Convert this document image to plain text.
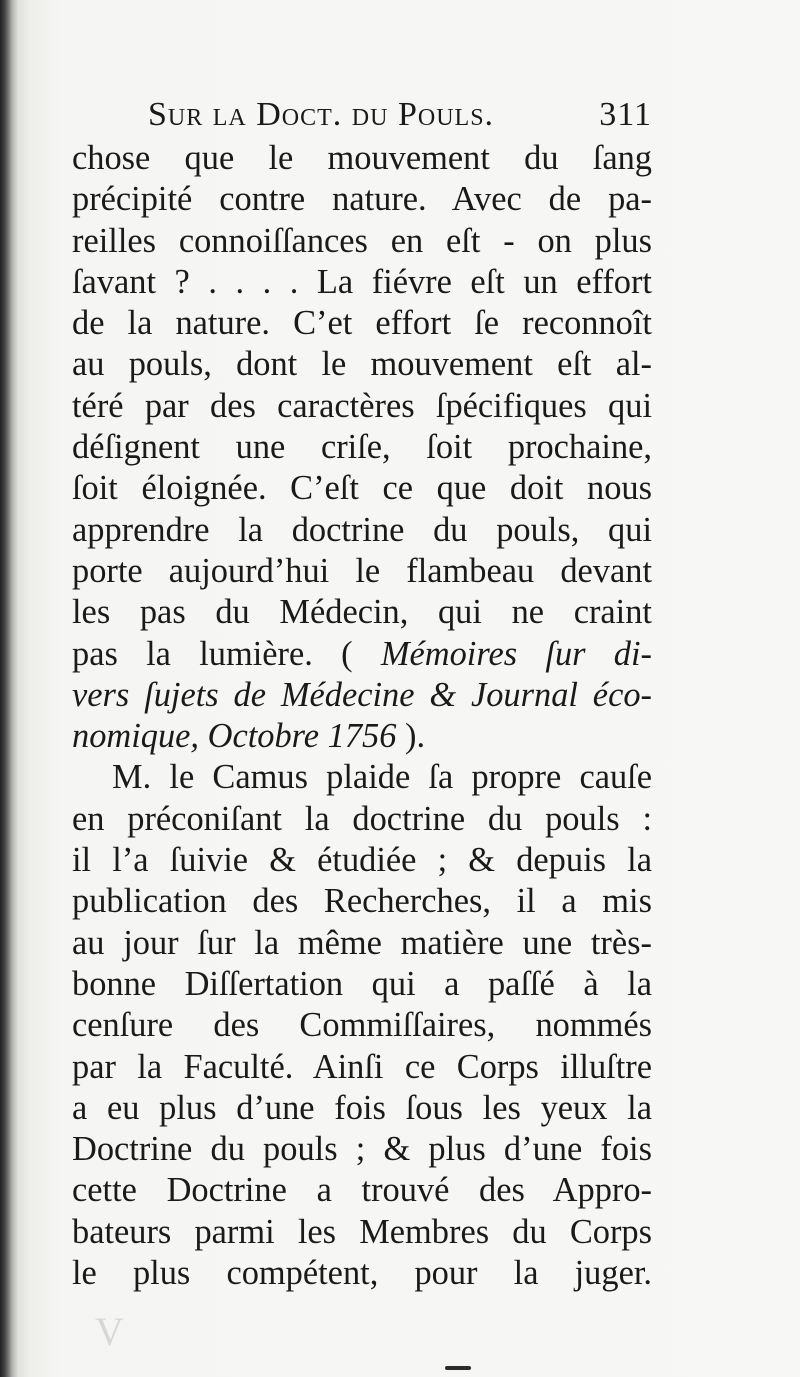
Sur la Doct. du Pouls.	311
chose que le mouvement du ſang
précipité contre nature. Avec de pa-
reilles connoiſſances en eſt - on plus
ſavant ? . . . . La fiévre eſt un effort
de la nature. C’et effort ſe reconnoît
au pouls, dont le mouvement eſt al-
téré par des caractères ſpécifiques qui
déſignent une criſe, ſoit prochaine,
ſoit éloignée. C’eſt ce que doit nous
apprendre la doctrine du pouls, qui
porte aujourd’hui le flambeau devant
les pas du Médecin, qui ne craint
pas la lumière. ( Mémoires ſur di-
vers ſujets de Médecine & Journal éco-
nomique, Octobre 1756 ).
M. le Camus plaide ſa propre cauſe
en préconiſant la doctrine du pouls :
il l’a ſuivie & étudiée ; & depuis la
publication des Recherches, il a mis
au jour ſur la même matière une très-
bonne Diſſertation qui a paſſé à la
cenſure des Commiſſaires, nommés
par la Faculté. Ainſi ce Corps illuſtre
a eu plus d’une fois ſous les yeux la
Doctrine du pouls ; & plus d’une fois
cette Doctrine a trouvé des Appro-
bateurs parmi les Membres du Corps
le plus compétent, pour la juger.
V
